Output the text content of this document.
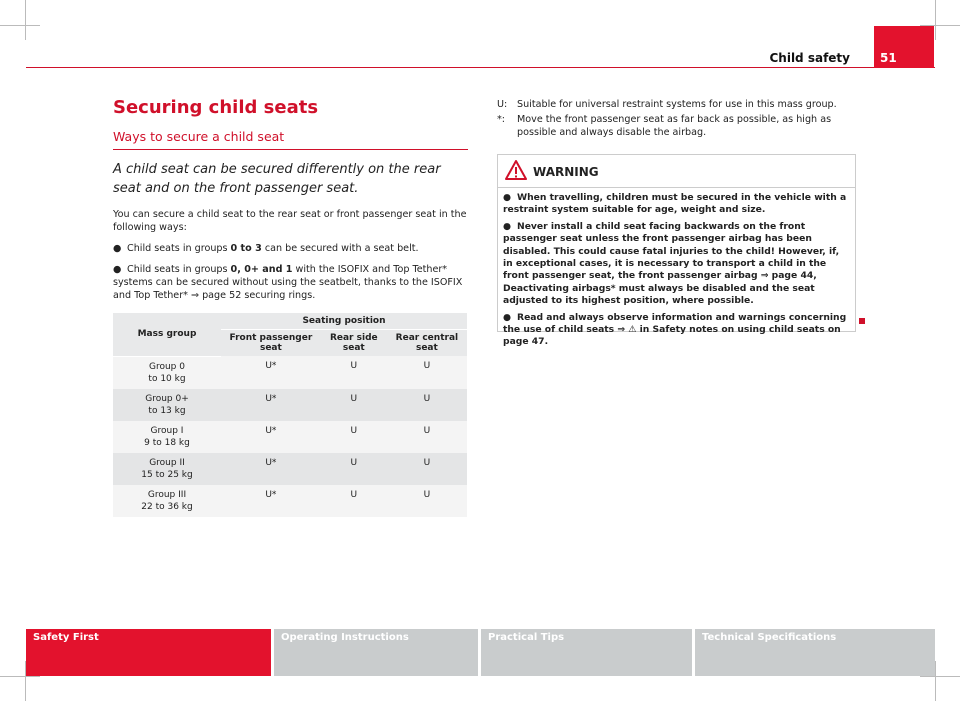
Child safety	51
Securing child seats
Ways to secure a child seat

A child seat can be secured differently on the rear seat and on the front passenger seat.

You can secure a child seat to the rear seat or front passenger seat in the following ways:

● Child seats in groups 0 to 3 can be secured with a seat belt.
● Child seats in groups 0, 0+ and 1 with the ISOFIX and Top Tether* systems can be secured without using the seatbelt, thanks to the ISOFIX and Top Tether* ⇒ page 52 securing rings.
Mass group	Seating position		
	Front passenger seat	Rear side seat	Rear central seat
Group 0
to 10 kg	U*	U	U
Group 0+
to 13 kg	U*	U	U
Group I
9 to 18 kg	U*	U	U
Group II
15 to 25 kg	U*	U	U
Group III
22 to 36 kg	U*	U	U
U:	Suitable for universal restraint systems for use in this mass group.
*:	Move the front passenger seat as far back as possible, as high as possible and always disable the airbag.
WARNING

● When travelling, children must be secured in the vehicle with a restraint system suitable for age, weight and size.

● Never install a child seat facing backwards on the front passenger seat unless the front passenger airbag has been disabled. This could cause fatal injuries to the child! However, if, in exceptional cases, it is necessary to transport a child in the front passenger seat, the front passenger airbag ⇒ page 44, Deactivating airbags* must always be disabled and the seat adjusted to its highest position, where possible.

● Read and always observe information and warnings concerning the use of child seats ⇒ ⚠ in Safety notes on using child seats on page 47.

Safety First	Operating Instructions	Practical Tips	Technical Specifications
